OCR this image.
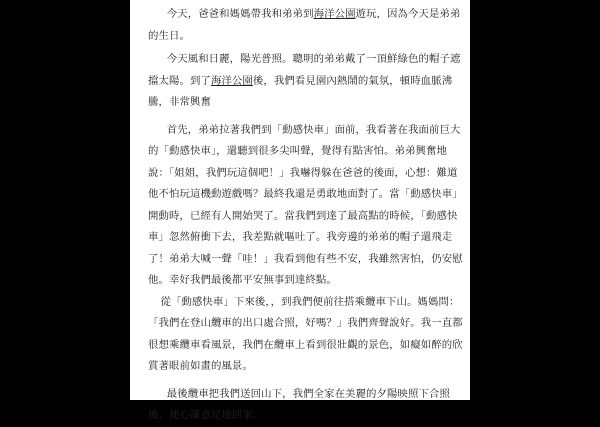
今天，爸爸和媽媽帶我和弟弟到海洋公園遊玩，因為今天是弟弟的生日。

今天風和日麗，陽光普照。聰明的弟弟戴了一頂鮮綠色的帽子遮擋太陽。到了海洋公園後，我們看見園內熱鬧的氣氛，頓時血脈沸騰，非常興奮

首先，弟弟拉著我們到「動感快車」面前，我看著在我面前巨大的「動感快車」，還聽到很多尖叫聲，覺得有點害怕。弟弟興奮地說：「姐姐，我們玩這個吧！」我嚇得躲在爸爸的後面，心想：難道他不怕玩這機動遊戲嗎？最終我還是勇敢地面對了。當「動感快車」開動時，已經有人開始哭了。當我們到達了最高點的時候，「動感快車」忽然俯衝下去，我差點就嘔吐了。我旁邊的弟弟的帽子還飛走了！弟弟大喊一聲「哇！」我看到他有些不安，我雖然害怕，仍安慰他。幸好我們最後都平安無事到達終點。

從「動感快車」下來後，，到我們便前往搭乘纜車下山。媽媽問：「我們在登山纜車的出口處合照，好嗎？」我們齊聲說好。我一直都很想乘纜車看風景，我們在纜車上看到很壯觀的景色，如癡如醉的欣賞著眼前如畫的風景。

最後纜車把我們送回山下，我們全家在美麗的夕陽映照下合照後，便心滿意足地回家。
